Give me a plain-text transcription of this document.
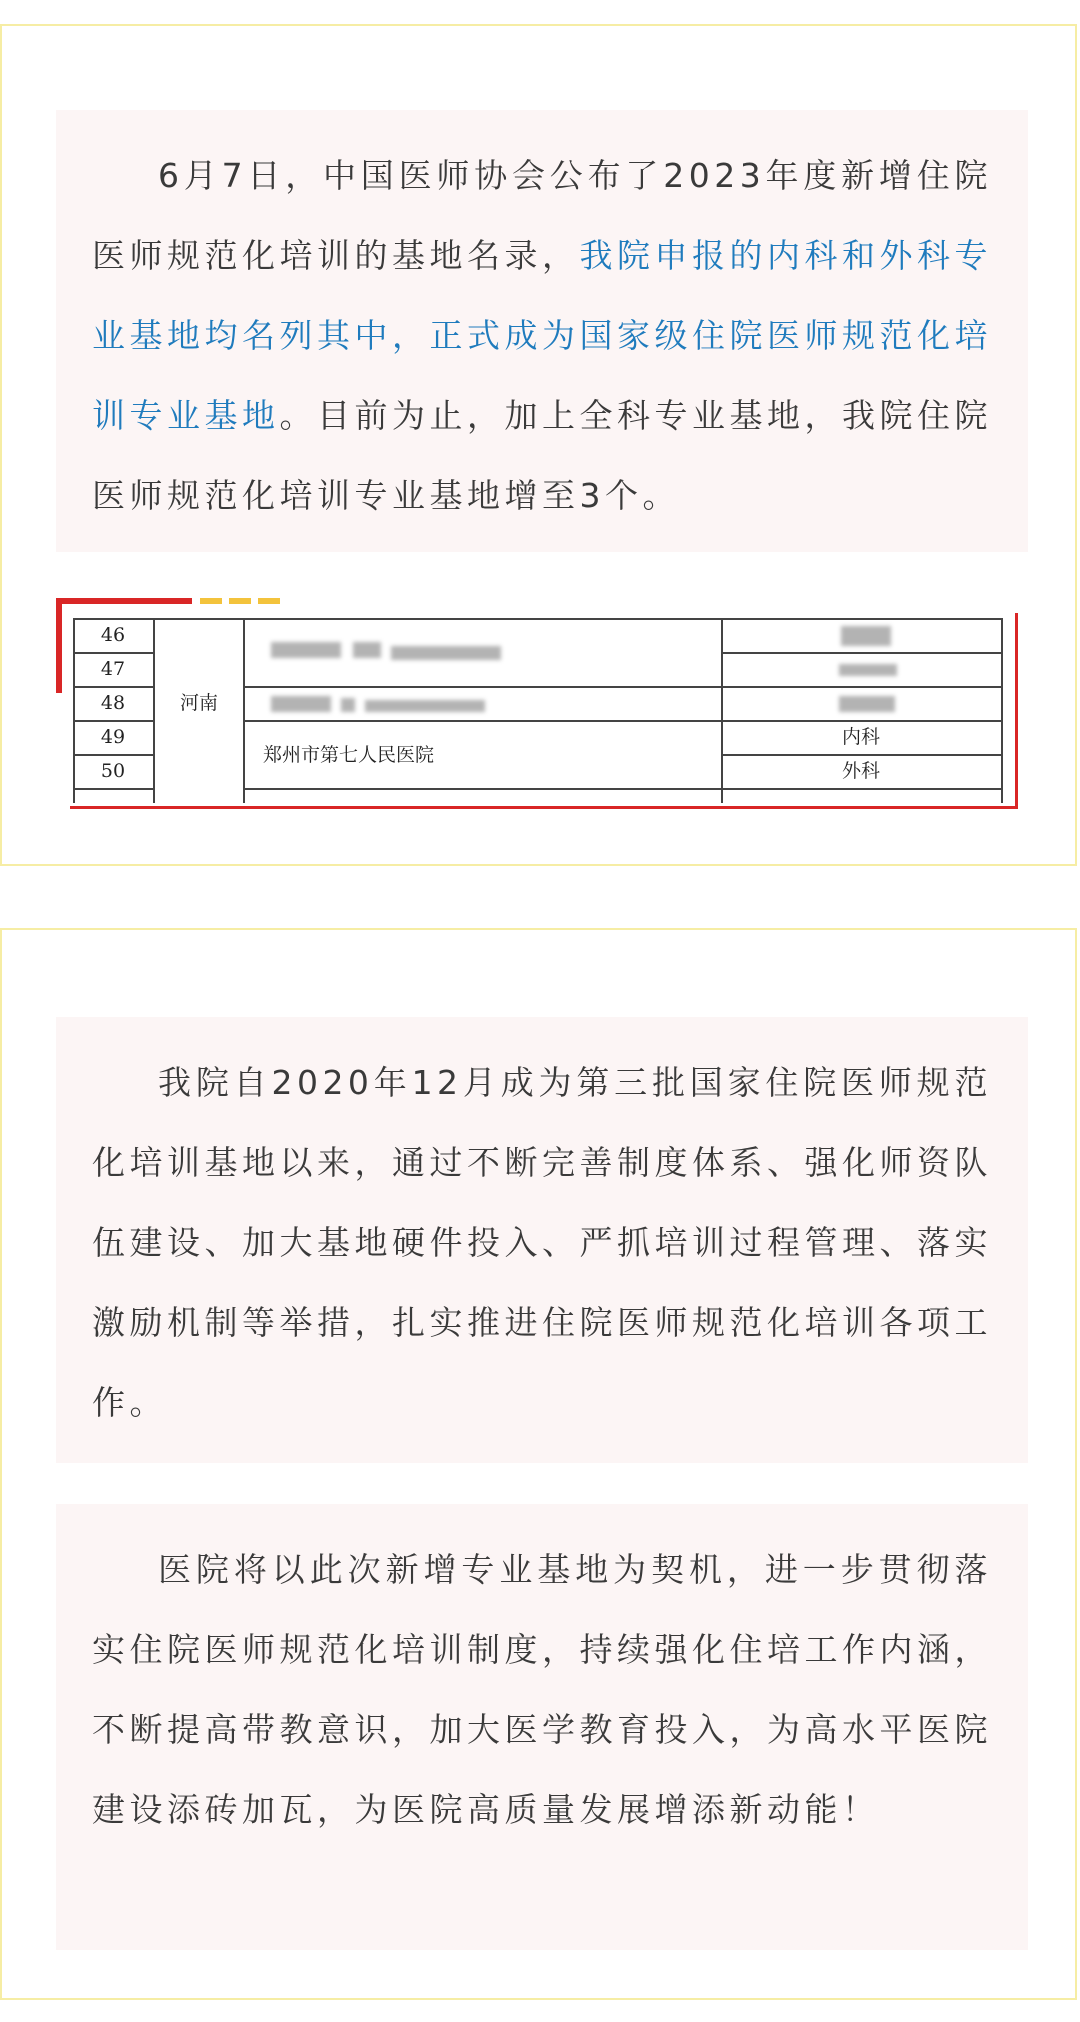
6月7日，中国医师协会公布了2023年度新增住院医师规范化培训的基地名录，我院申报的内科和外科专业基地均名列其中，正式成为国家级住院医师规范化培训专业基地。目前为止，加上全科专业基地，我院住院医师规范化培训专业基地增至3个。

46
47
48
49
50
河南
郑州市第七人民医院
内科
外科

我院自2020年12月成为第三批国家住院医师规范化培训基地以来，通过不断完善制度体系、强化师资队伍建设、加大基地硬件投入、严抓培训过程管理、落实激励机制等举措，扎实推进住院医师规范化培训各项工作。

医院将以此次新增专业基地为契机，进一步贯彻落实住院医师规范化培训制度，持续强化住培工作内涵，不断提高带教意识，加大医学教育投入，为高水平医院建设添砖加瓦，为医院高质量发展增添新动能！
